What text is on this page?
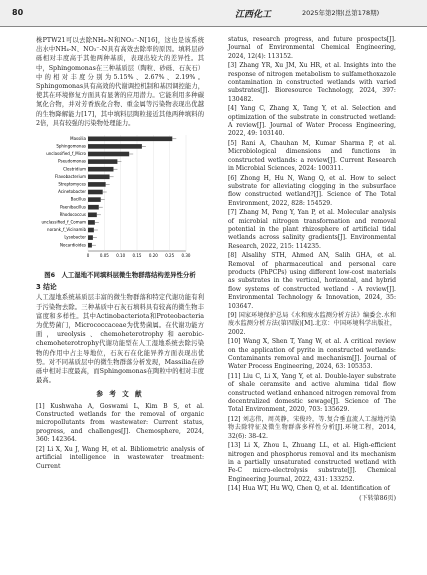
80	江西化工	2025年第2期(总第178期)

株PTW21可以去除NH₄-N和NO₃⁻-N[16]，这也是该系统出水中NH₄-N、NO₃⁻-N具有高效去除率的原因。填料层砂砾相对丰度高于其他两种基质，表现出较大的差异性。其中，Sphingomonas在三种基质层（陶粒、砂砾、石灰石）中的相对丰度分别为5.15%、2.67%、2.19%。Sphingomonas具有高效的代谢调控机制和基因调控能力，使其在环境修复方面具有显著的应用潜力。它能利用多种碳氮化合物，并对芳香族化合物、重金属等污染物表现出优越的生物降解能力[17]，其中填料层陶粒接近其他两种填料的2倍，具有较强的污染物处理能力。

Massilia
Sphingomonas
unclassified_f_Micro
Pseudomonas
Clostridium
Flavobacterium
Streptomyces
Acinetobacter
Bacillus
Paenibacillus
Rhodococcus
unclassified_f_Comam
norank_f_Vicinamib
Lysobacter
Nocardioides
0	0.05 0.10 0.15 0.20 0.25 0.30
图6　人工湿地不同填料层微生物群落结构差异性分析
3 结论

人工湿地系统基质层丰富的微生物群落和特定代谢功能有利于污染物去除。三种基质中石灰石填料具有较高的微生物丰富度和多样性。其中Actinobacteriota和Proteobacteria为优势菌门，Micrococcaceae为优势菌属。在代谢功能方面，ureolysis、chemoheterotrophy和aerobic-chemoheterotrophy代谢功能型在人工湿地系统去除污染物的作用中占主导地位，石灰石在化能异养方面表现出优势。对不同基质层中的微生物群落分析发现，Massilia在砂砾中相对丰度最高，而Sphingomonas在陶粒中的相对丰度最高。

参 考 文 献
[1] Kushwaha A, Goswami L, Kim B S, et al. Constructed wetlands for the removal of organic micropollutants from wastewater: Current status, progress, and challenges[J]. Chemosphere, 2024, 360: 142364.
[2] Li X, Xu J, Wang H, et al. Bibliometric analysis of artificial intelligence in wastewater treatment: Current
status, research progress, and future prospects[J]. Journal of Environmental Chemical Engineering, 2024, 12(4): 113152.
[3] Zhang YR, Xu JM, Xu HR, et al. Insights into the response of nitrogen metabolism to sulfamethoxazole contamination in constructed wetlands with varied substrates[J]. Bioresource Technology, 2024, 397: 130482.
[4] Yang C, Zhang X, Tang Y, et al. Selection and optimization of the substrate in constructed wetland: A review[J]. Journal of Water Process Engineering, 2022, 49: 103140.
[5] Rani A, Chauhan M, Kumar Sharma P, et al. Microbiological dimensions and functions in constructed wetlands: a review[J]. Current Research in Microbial Sciences, 2024: 100311.
[6] Zhong H, Hu N, Wang Q, et al. How to select substrate for alleviating clogging in the subsurface flow constructed wetland?[J]. Science of The Total Environment, 2022, 828: 154529.
[7] Zhang M, Peng Y, Yan P, et al. Molecular analysis of microbial nitrogen transformation and removal potential in the plant rhizosphere of artificial tidal wetlands across salinity gradients[J]. Environmental Research, 2022, 215: 114235.
[8] Alsalihy STH, Ahmed AN, Salih GHA, et al. Removal of pharmaceutical and personal care products (PhPCPs) using different low-cost materials as substrates in the vertical, horizontal, and hybrid flow systems of constructed wetland - A review[J]. Environmental Technology & Innovation, 2024, 35: 103647.
[9] 国家环境保护总局《水和废水监测分析方法》编委会.水和废水监测分析方法(第四版)[M].北京：中国环境科学出版社，2002.
[10] Wang X, Shen T, Yang W, et al. A critical review on the application of pyrite in constructed wetlands: Contaminants removal and mechanism[J]. Journal of Water Process Engineering, 2024, 63: 105353.
[11] Liu C, Li X, Yang Y, et al. Double-layer substrate of shale ceramsite and active alumina tidal flow constructed wetland enhanced nitrogen removal from decentralized domestic sewage[J]. Science of The Total Environment, 2020, 703: 135629.
[12] 刘志伟，周英静，宋俊玲，等.复合垂直流人工湿地污染物去除特征及微生物群落多样性分析[J].环境工程，2014, 32(6): 38-42.
[13] Li X, Zhou L, Zhuang LL, et al. High-efficient nitrogen and phosphorus removal and its mechanism in a partially unsaturated constructed wetland with Fe-C micro-electrolysis substrate[J]. Chemical Engineering Journal, 2022, 431: 133252.
[14] Hua WT, Hu WQ, Chen Q, et al. Identification of
(下转第86页)
